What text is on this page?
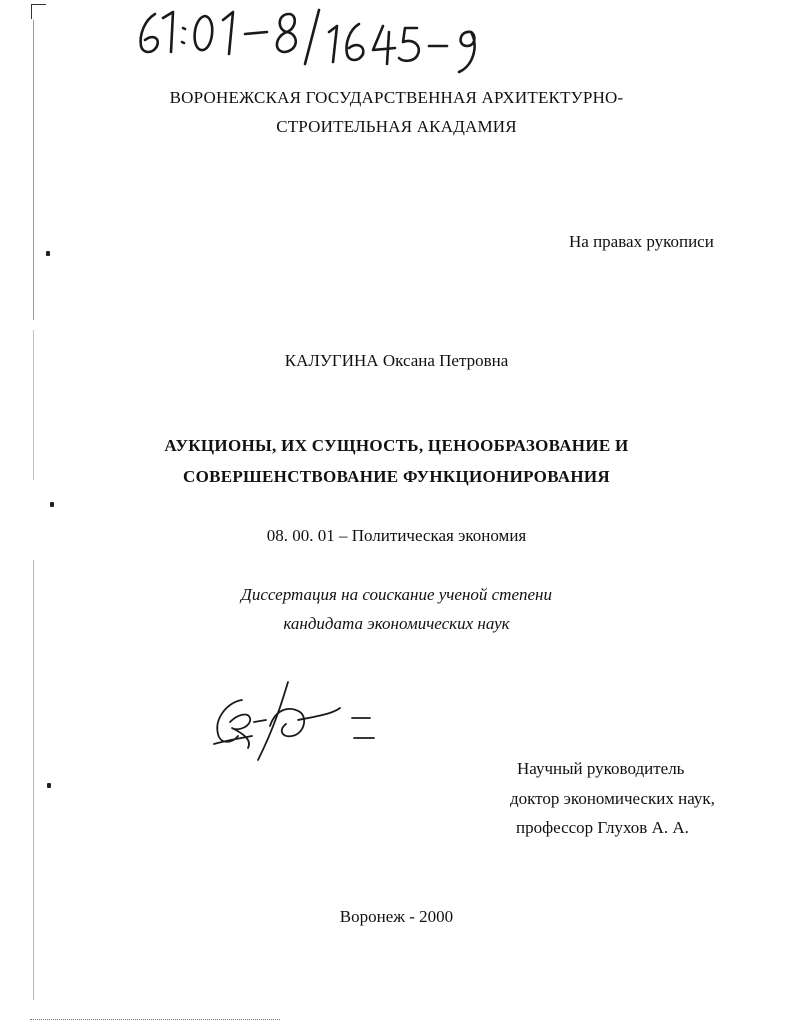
ВОРОНЕЖСКАЯ ГОСУДАРСТВЕННАЯ АРХИТЕКТУРНО-
СТРОИТЕЛЬНАЯ АКАДАМИЯ
На правах рукописи
КАЛУГИНА Оксана Петровна
АУКЦИОНЫ, ИХ СУЩНОСТЬ, ЦЕНООБРАЗОВАНИЕ И
СОВЕРШЕНСТВОВАНИЕ ФУНКЦИОНИРОВАНИЯ
08. 00. 01 – Политическая экономия
Диссертация на соискание ученой степени
кандидата экономических наук
Научный руководитель
доктор экономических наук,
профессор Глухов А. А.
Воронеж - 2000
